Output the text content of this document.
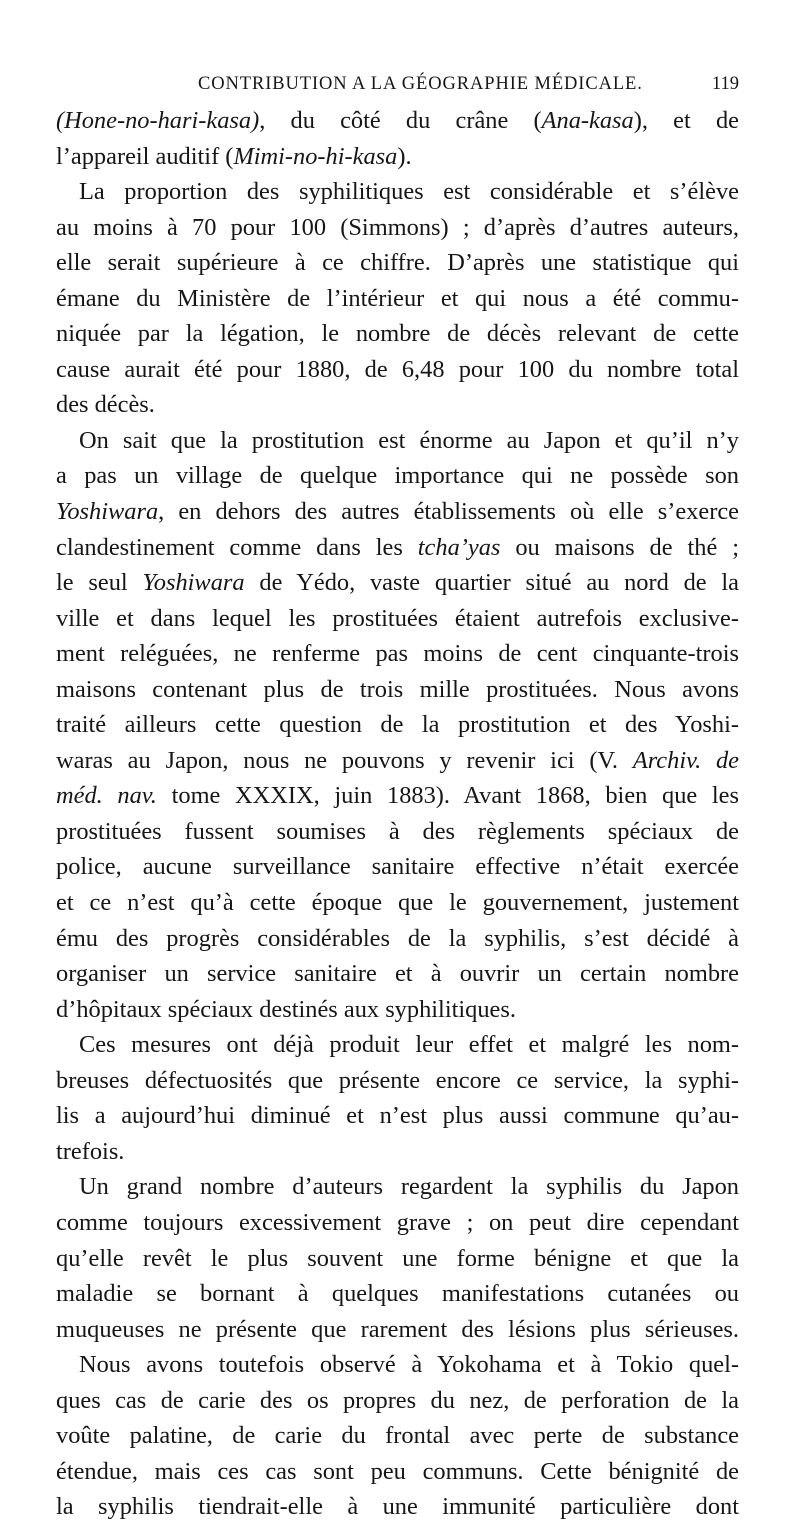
CONTRIBUTION A LA GÉOGRAPHIE MÉDICALE.	119
(Hone-no-hari-kasa), du côté du crâne (Ana-kasa), et de
l’appareil auditif (Mimi-no-hi-kasa).
La proportion des syphilitiques est considérable et s’élève
au moins à 70 pour 100 (Simmons) ; d’après d’autres auteurs,
elle serait supérieure à ce chiffre. D’après une statistique qui
émane du Ministère de l’intérieur et qui nous a été commu-
niquée par la légation, le nombre de décès relevant de cette
cause aurait été pour 1880, de 6,48 pour 100 du nombre total
des décès.
On sait que la prostitution est énorme au Japon et qu’il n’y
a pas un village de quelque importance qui ne possède son
Yoshiwara, en dehors des autres établissements où elle s’exerce
clandestinement comme dans les tcha’yas ou maisons de thé ;
le seul Yoshiwara de Yédo, vaste quartier situé au nord de la
ville et dans lequel les prostituées étaient autrefois exclusive-
ment reléguées, ne renferme pas moins de cent cinquante-trois
maisons contenant plus de trois mille prostituées. Nous avons
traité ailleurs cette question de la prostitution et des Yoshi-
waras au Japon, nous ne pouvons y revenir ici (V. Archiv. de
méd. nav. tome XXXIX, juin 1883). Avant 1868, bien que les
prostituées fussent soumises à des règlements spéciaux de
police, aucune surveillance sanitaire effective n’était exercée
et ce n’est qu’à cette époque que le gouvernement, justement
ému des progrès considérables de la syphilis, s’est décidé à
organiser un service sanitaire et à ouvrir un certain nombre
d’hôpitaux spéciaux destinés aux syphilitiques.
Ces mesures ont déjà produit leur effet et malgré les nom-
breuses défectuosités que présente encore ce service, la syphi-
lis a aujourd’hui diminué et n’est plus aussi commune qu’au-
trefois.
Un grand nombre d’auteurs regardent la syphilis du Japon
comme toujours excessivement grave ; on peut dire cependant
qu’elle revêt le plus souvent une forme bénigne et que la
maladie se bornant à quelques manifestations cutanées ou
muqueuses ne présente que rarement des lésions plus sérieuses.
Nous avons toutefois observé à Yokohama et à Tokio quel-
ques cas de carie des os propres du nez, de perforation de la
voûte palatine, de carie du frontal avec perte de substance
étendue, mais ces cas sont peu communs. Cette bénignité de
la syphilis tiendrait-elle à une immunité particulière dont
